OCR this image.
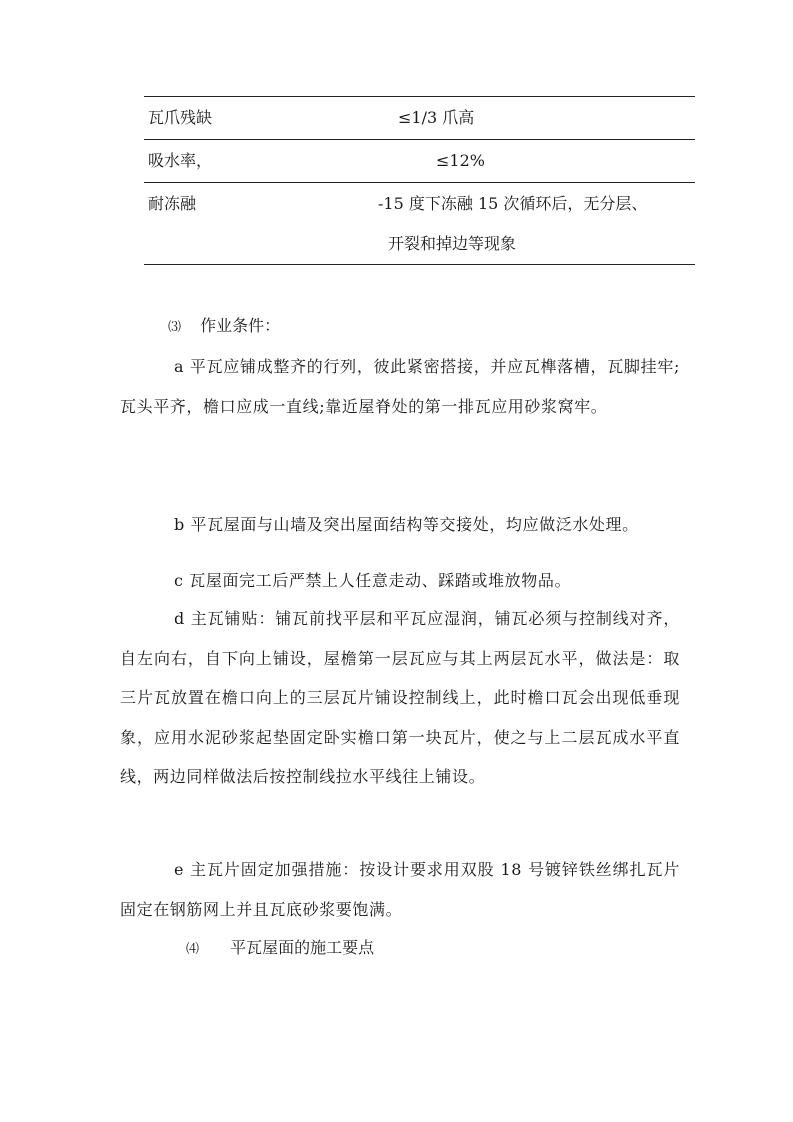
瓦爪残缺	≤1/3 爪高
吸水率，	≤12%
耐冻融	-15 度下冻融 15 次循环后，无分层、
开裂和掉边等现象
⑶ 作业条件：

a 平瓦应铺成整齐的行列，彼此紧密搭接，并应瓦榫落槽，瓦脚挂牢;瓦头平齐，檐口应成一直线;靠近屋脊处的第一排瓦应用砂浆窝牢。

b 平瓦屋面与山墙及突出屋面结构等交接处，均应做泛水处理。

c 瓦屋面完工后严禁上人任意走动、踩踏或堆放物品。

d 主瓦铺贴：铺瓦前找平层和平瓦应湿润，铺瓦必须与控制线对齐，自左向右，自下向上铺设，屋檐第一层瓦应与其上两层瓦水平，做法是：取三片瓦放置在檐口向上的三层瓦片铺设控制线上，此时檐口瓦会出现低垂现象，应用水泥砂浆起垫固定卧实檐口第一块瓦片，使之与上二层瓦成水平直线，两边同样做法后按控制线拉水平线往上铺设。

e 主瓦片固定加强措施：按设计要求用双股 18 号镀锌铁丝绑扎瓦片固定在钢筋网上并且瓦底砂浆要饱满。

⑷ 平瓦屋面的施工要点
